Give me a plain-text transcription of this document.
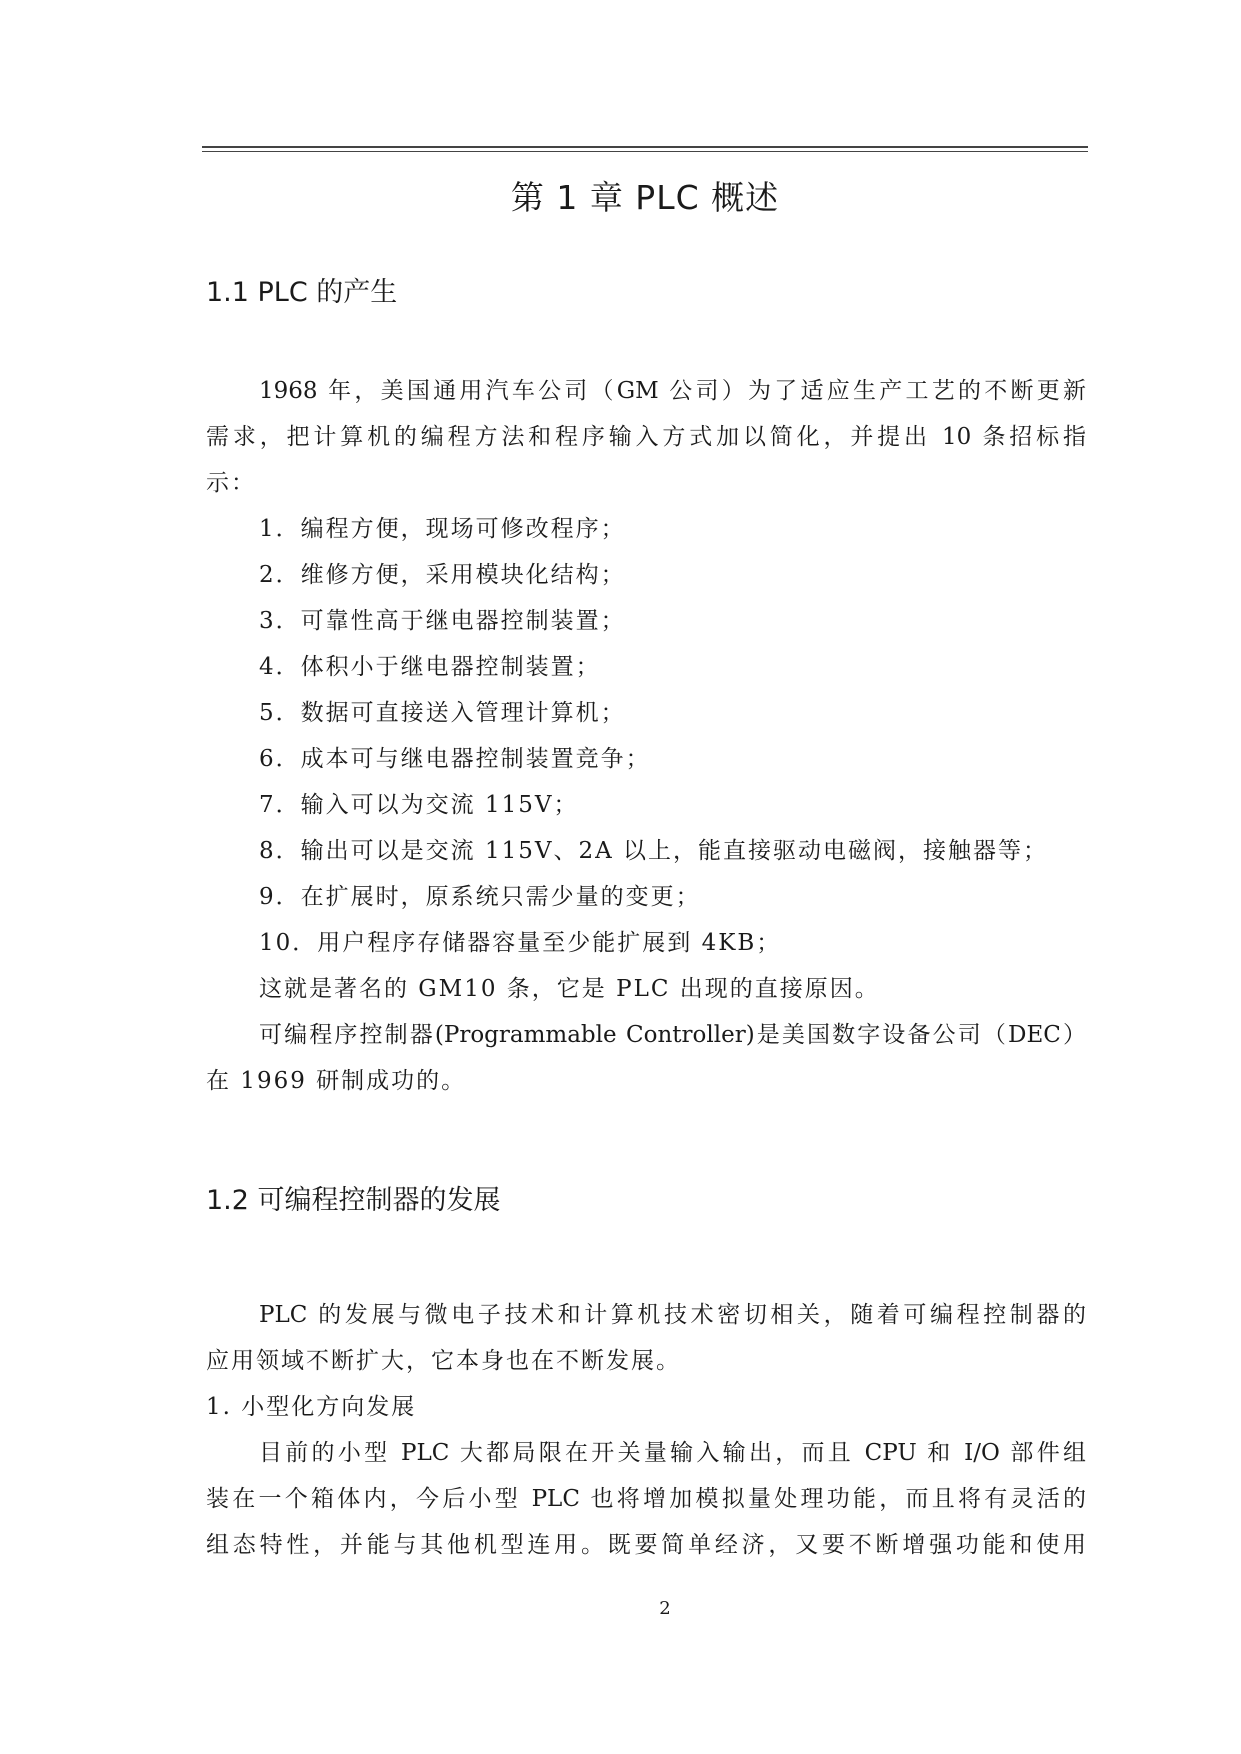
第 1 章 PLC 概述
1.1 PLC 的产生
1968 年，美国通用汽车公司（GM 公司）为了适应生产工艺的不断更新
需求，把计算机的编程方法和程序输入方式加以简化，并提出 10 条招标指
示：
1．编程方便，现场可修改程序；
2．维修方便，采用模块化结构；
3．可靠性高于继电器控制装置；
4．体积小于继电器控制装置；
5．数据可直接送入管理计算机；
6．成本可与继电器控制装置竞争；
7．输入可以为交流 115V；
8．输出可以是交流 115V、2A 以上，能直接驱动电磁阀，接触器等；
9．在扩展时，原系统只需少量的变更；
10．用户程序存储器容量至少能扩展到 4KB；
这就是著名的 GM10 条，它是 PLC 出现的直接原因。
可编程序控制器(Programmable Controller)是美国数字设备公司（DEC）
在 1969 研制成功的。
1.2 可编程控制器的发展
PLC 的发展与微电子技术和计算机技术密切相关，随着可编程控制器的
应用领域不断扩大，它本身也在不断发展。
1. 小型化方向发展
目前的小型 PLC 大都局限在开关量输入输出，而且 CPU 和 I/O 部件组
装在一个箱体内，今后小型 PLC 也将增加模拟量处理功能，而且将有灵活的
组态特性，并能与其他机型连用。既要简单经济，又要不断增强功能和使用
2
